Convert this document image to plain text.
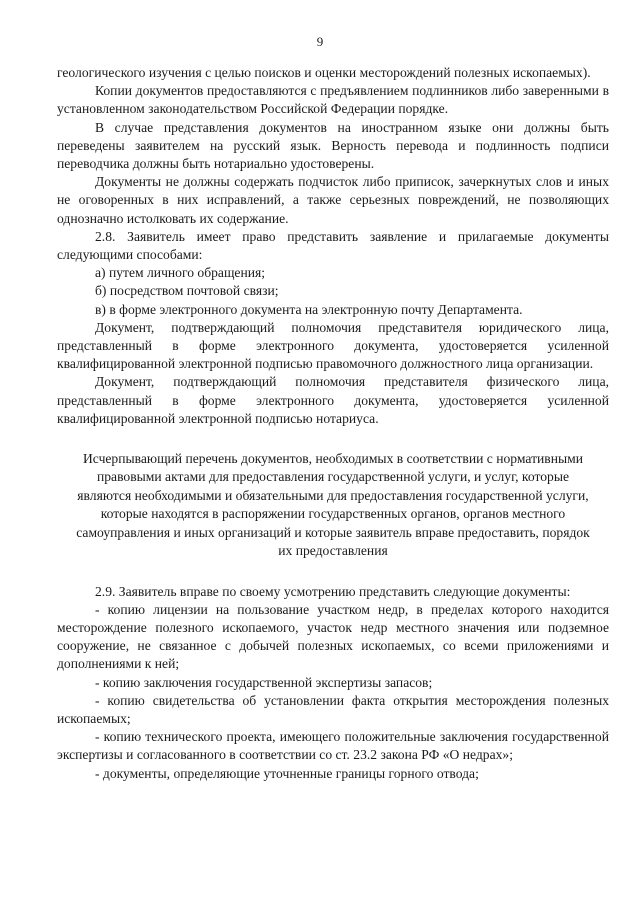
9

геологического изучения с целью поисков и оценки месторождений полезных ископаемых).

Копии документов предоставляются с предъявлением подлинников либо заверенными в установленном законодательством Российской Федерации порядке.

В случае представления документов на иностранном языке они должны быть переведены заявителем на русский язык. Верность перевода и подлинность подписи переводчика должны быть нотариально удостоверены.

Документы не должны содержать подчисток либо приписок, зачеркнутых слов и иных не оговоренных в них исправлений, а также серьезных повреждений, не позволяющих однозначно истолковать их содержание.

2.8. Заявитель имеет право представить заявление и прилагаемые документы следующими способами:

а) путем личного обращения;

б) посредством почтовой связи;

в) в форме электронного документа на электронную почту Департамента.

Документ, подтверждающий полномочия представителя юридического лица, представленный в форме электронного документа, удостоверяется усиленной квалифицированной электронной подписью правомочного должностного лица организации.

Документ, подтверждающий полномочия представителя физического лица, представленный в форме электронного документа, удостоверяется усиленной квалифицированной электронной подписью нотариуса.

Исчерпывающий перечень документов, необходимых в соответствии с нормативными правовыми актами для предоставления государственной услуги, и услуг, которые являются необходимыми и обязательными для предоставления государственной услуги, которые находятся в распоряжении государственных органов, органов местного самоуправления и иных организаций и которые заявитель вправе предоставить, порядок их предоставления

2.9. Заявитель вправе по своему усмотрению представить следующие документы:

- копию лицензии на пользование участком недр, в пределах которого находится месторождение полезного ископаемого, участок недр местного значения или подземное сооружение, не связанное с добычей полезных ископаемых, со всеми приложениями и дополнениями к ней;

- копию заключения государственной экспертизы запасов;

- копию свидетельства об установлении факта открытия месторождения полезных ископаемых;

- копию технического проекта, имеющего положительные заключения государственной экспертизы и согласованного в соответствии со ст. 23.2 закона РФ «О недрах»;

- документы, определяющие уточненные границы горного отвода;
